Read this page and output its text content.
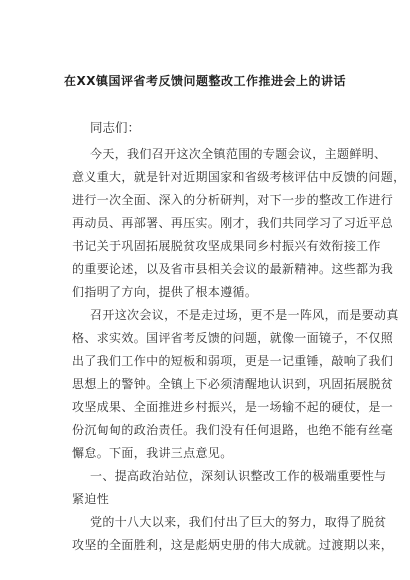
在XX镇国评省考反馈问题整改工作推进会上的讲话
同志们：
今天，我们召开这次全镇范围的专题会议，主题鲜明、
意义重大，就是针对近期国家和省级考核评估中反馈的问题，
进行一次全面、深入的分析研判，对下一步的整改工作进行
再动员、再部署、再压实。刚才，我们共同学习了习近平总
书记关于巩固拓展脱贫攻坚成果同乡村振兴有效衔接工作
的重要论述，以及省市县相关会议的最新精神。这些都为我
们指明了方向，提供了根本遵循。
召开这次会议，不是走过场，更不是一阵风，而是要动真
格、求实效。国评省考反馈的问题，就像一面镜子，不仅照
出了我们工作中的短板和弱项，更是一记重锤，敲响了我们
思想上的警钟。全镇上下必须清醒地认识到，巩固拓展脱贫
攻坚成果、全面推进乡村振兴，是一场输不起的硬仗，是一
份沉甸甸的政治责任。我们没有任何退路，也绝不能有丝毫
懈怠。下面，我讲三点意见。
一、提高政治站位，深刻认识整改工作的极端重要性与
紧迫性
党的十八大以来，我们付出了巨大的努力，取得了脱贫
攻坚的全面胜利，这是彪炳史册的伟大成就。过渡期以来，
